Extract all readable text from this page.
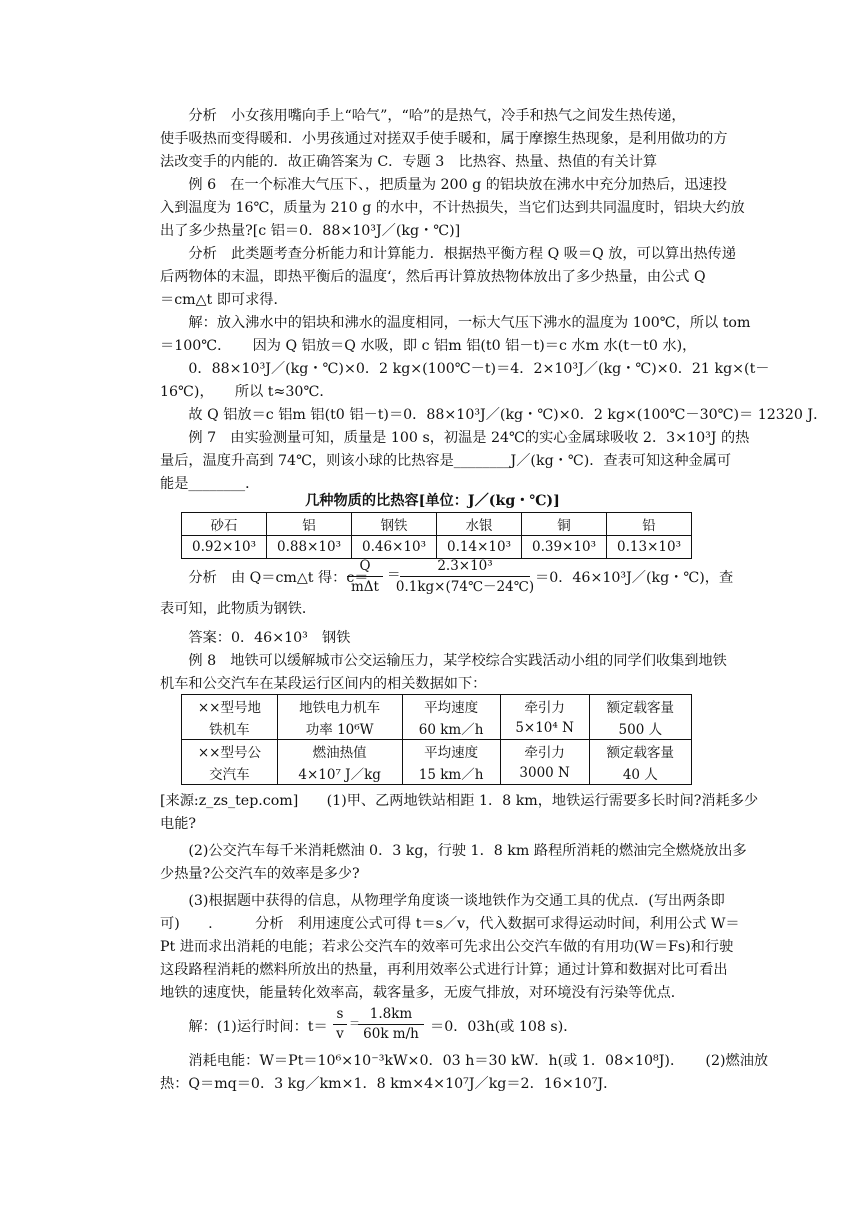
　　分析　小女孩用嘴向手上“哈气”，“哈”的是热气，冷手和热气之间发生热传递，
使手吸热而变得暖和．小男孩通过对搓双手使手暖和，属于摩擦生热现象，是利用做功的方
法改变手的内能的．故正确答案为 C．专题 3　比热容、热量、热值的有关计算
　　例 6　在一个标准大气压下、，把质量为 200 g 的铝块放在沸水中充分加热后，迅速投
入到温度为 16℃，质量为 210 g 的水中，不计热损失，当它们达到共同温度时，铝块大约放
出了多少热量?[c 铝＝0．88×10³J／(kg・℃)]
　　分析　此类题考查分析能力和计算能力．根据热平衡方程 Q 吸＝Q 放，可以算出热传递
后两物体的末温，即热平衡后的温度‘，然后再计算放热物体放出了多少热量，由公式 Q
＝cm△t 即可求得．
　　解：放入沸水中的铝块和沸水的温度相同，一标大气压下沸水的温度为 100℃，所以 tom
＝100℃．　　因为 Q 铝放＝Q 水吸，即 c 铝m 铝(t0 铝－t)＝c 水m 水(t－t0 水)，
　　0．88×10³J／(kg・℃)×0．2 kg×(100℃－t)＝4．2×10³J／(kg・℃)×0．21 kg×(t－
16℃)，　　所以 t≈30℃．
　　故 Q 铝放＝c 铝m 铝(t0 铝－t)＝0．88×10³J／(kg・℃)×0．2 kg×(100℃－30℃)＝ 12320 J．
　　例 7　由实验测量可知，质量是 100 s，初温是 24℃的实心金属球吸收 2．3×10³J 的热
量后，温度升高到 74℃，则该小球的比热容是________J／(kg・℃)．查表可知这种金属可
能是________．
几种物质的比热容[单位：J／(kg・℃)]
砂石	铝	钢铁	水银	铜	铅
0.92×10³	0.88×10³	0.46×10³	0.14×10³	0.39×10³	0.13×10³
　　分析　由 Q＝cm△t 得：c＝
Q
mΔt
＝
2.3×10³
0.1kg×(74℃－24℃)
＝0．46×10³J／(kg・℃)，查
表可知，此物质为钢铁．
　　答案：0．46×10³　钢铁
　　例 8　地铁可以缓解城市公交运输压力，某学校综合实践活动小组的同学们收集到地铁
机车和公交汽车在某段运行区间内的相关数据如下：
××型号地	地铁电力机车	平均速度	牵引力	额定载客量
铁机车	功率 10⁶W	60 km／h	5×10⁴ N	500 人
××型号公	燃油热值	平均速度	牵引力	额定载客量
交汽车	4×10⁷ J／kg	15 km／h	3000 N	40 人
[来源:z_zs_tep.com]　　(1)甲、乙两地铁站相距 1．8 km，地铁运行需要多长时间?消耗多少
电能?
　　(2)公交汽车每千米消耗燃油 0．3 kg，行驶 1．8 km 路程所消耗的燃油完全燃烧放出多
少热量?公交汽车的效率是多少?
　　(3)根据题中获得的信息，从物理学角度谈一谈地铁作为交通工具的优点．(写出两条即
可)　　.　　　分析　利用速度公式可得 t＝s／v，代入数据可求得运动时间，利用公式 W＝
Pt 进而求出消耗的电能；若求公交汽车的效率可先求出公交汽车做的有用功(W＝Fs)和行驶
这段路程消耗的燃料所放出的热量，再利用效率公式进行计算；通过计算和数据对比可看出
地铁的速度快，能量转化效率高，载客量多，无废气排放，对环境没有污染等优点．
　　解：(1)运行时间：t＝
s
v
＝
1.8km
60k m/h ＝0．03h(或 108 s)．
　　消耗电能：W＝Pt＝10⁶×10⁻³kW×0．03 h＝30 kW．h(或 1．08×10⁸J)．　　(2)燃油放
热：Q＝mq＝0．3 kg／km×1．8 km×4×10⁷J／kg＝2．16×10⁷J．
